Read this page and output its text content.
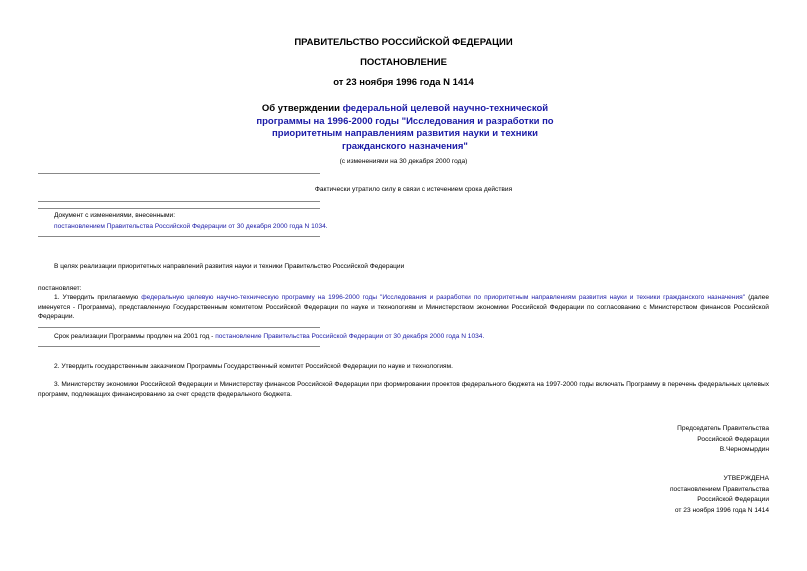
ПРАВИТЕЛЬСТВО РОССИЙСКОЙ ФЕДЕРАЦИИ
ПОСТАНОВЛЕНИЕ
от 23 ноября 1996 года N 1414
Об утверждении федеральной целевой научно-технической программы на 1996-2000 годы "Исследования и разработки по приоритетным направлениям развития науки и техники гражданского назначения"
(с изменениями на 30 декабря 2000 года)
Фактически утратило силу в связи с истечением срока действия
Документ с изменениями, внесенными:
постановлением Правительства Российской Федерации от 30 декабря 2000 года N 1034.
В целях реализации приоритетных направлений развития науки и техники Правительство Российской Федерации
постановляет:
1. Утвердить прилагаемую федеральную целевую научно-техническую программу на 1996-2000 годы "Исследования и разработки по приоритетным направлениям развития науки и техники гражданского назначения" (далее именуется - Программа), представленную Государственным комитетом Российской Федерации по науке и технологиям и Министерством экономики Российской Федерации по согласованию с Министерством финансов Российской Федерации.
Срок реализации Программы продлен на 2001 год - постановление Правительства Российской Федерации от 30 декабря 2000 года N 1034.
2. Утвердить государственным заказчиком Программы Государственный комитет Российской Федерации по науке и технологиям.
3. Министерству экономики Российской Федерации и Министерству финансов Российской Федерации при формировании проектов федерального бюджета на 1997-2000 годы включать Программу в перечень федеральных целевых программ, подлежащих финансированию за счет средств федерального бюджета.
Председатель Правительства
Российской Федерации
В.Черномырдин
УТВЕРЖДЕНА
постановлением Правительства
Российской Федерации
от 23 ноября 1996 года N 1414
